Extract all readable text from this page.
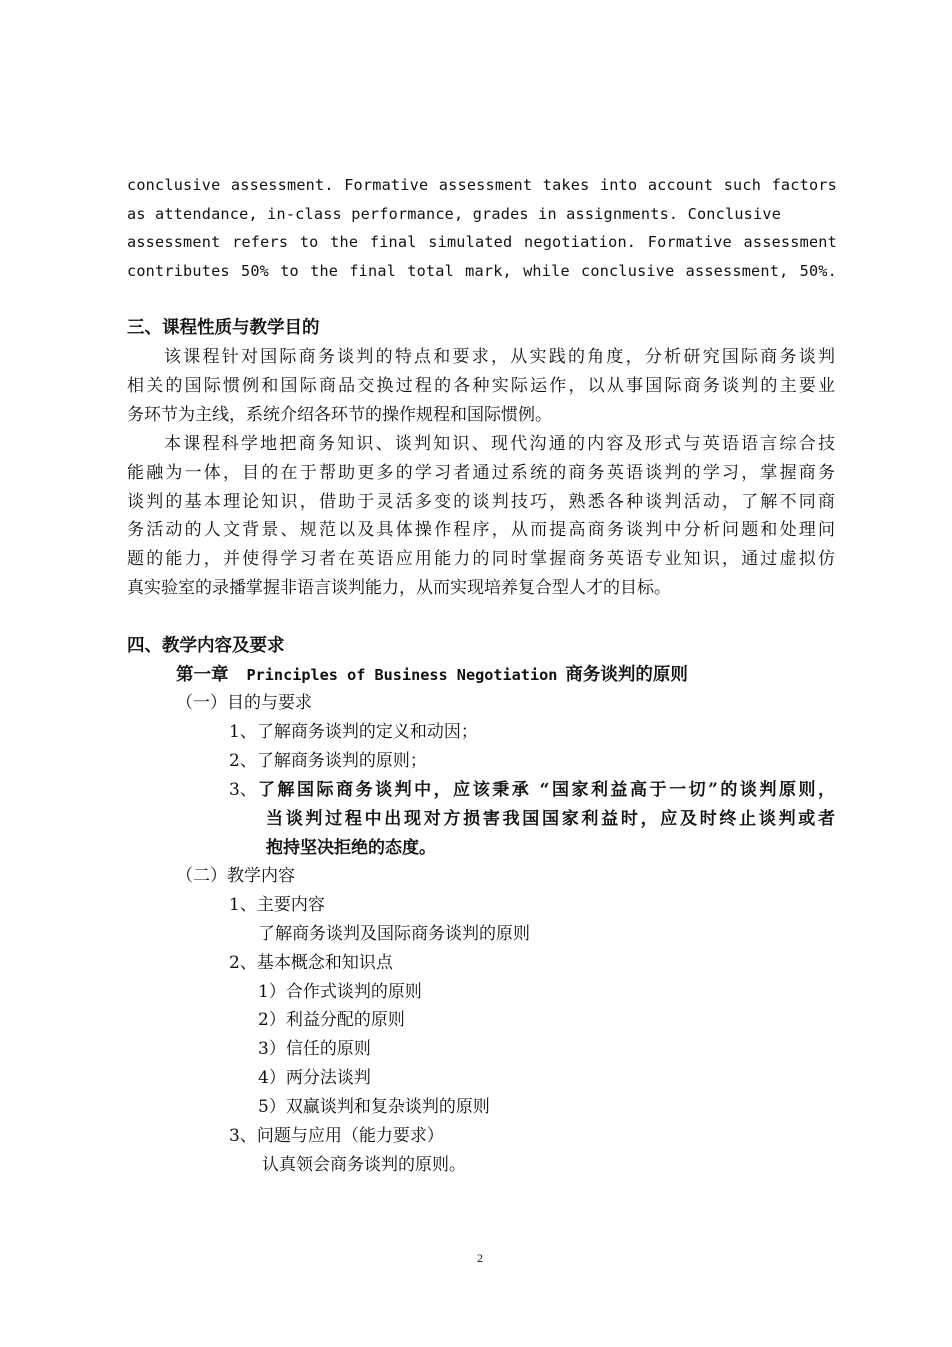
conclusive assessment. Formative assessment takes into account such factors
as attendance, in-class performance, grades in assignments. Conclusive
assessment refers to the final simulated negotiation. Formative assessment
contributes 50% to the final total mark, while conclusive assessment, 50%.
三、课程性质与教学目的
该课程针对国际商务谈判的特点和要求，从实践的角度，分析研究国际商务谈判
相关的国际惯例和国际商品交换过程的各种实际运作，以从事国际商务谈判的主要业
务环节为主线，系统介绍各环节的操作规程和国际惯例。
本课程科学地把商务知识、谈判知识、现代沟通的内容及形式与英语语言综合技
能融为一体，目的在于帮助更多的学习者通过系统的商务英语谈判的学习，掌握商务
谈判的基本理论知识，借助于灵活多变的谈判技巧，熟悉各种谈判活动，了解不同商
务活动的人文背景、规范以及具体操作程序，从而提高商务谈判中分析问题和处理问
题的能力，并使得学习者在英语应用能力的同时掌握商务英语专业知识，通过虚拟仿
真实验室的录播掌握非语言谈判能力，从而实现培养复合型人才的目标。
四、教学内容及要求
第一章 Principles of Business Negotiation 商务谈判的原则
（一）目的与要求
1、了解商务谈判的定义和动因；
2、了解商务谈判的原则；
3、 了解国际商务谈判中，应该秉承 “国家利益高于一切”的谈判原则，
当谈判过程中出现对方损害我国国家利益时，应及时终止谈判或者
抱持坚决拒绝的态度。
（二）教学内容
1、主要内容
了解商务谈判及国际商务谈判的原则
2、基本概念和知识点
1）合作式谈判的原则
2）利益分配的原则
3）信任的原则
4）两分法谈判
5）双赢谈判和复杂谈判的原则
3、问题与应用（能力要求）
认真领会商务谈判的原则。
2
